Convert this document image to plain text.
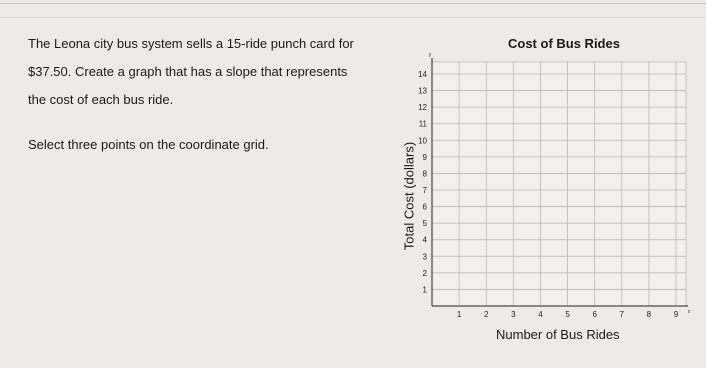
The Leona city bus system sells a 15-ride punch card for
$37.50. Create a graph that has a slope that represents
the cost of each bus ride.
Select three points on the coordinate grid.
Cost of Bus Rides
Total Cost (dollars)
Number of Bus Rides
y
x
1
2
3
4
5
6
7
8
9
10
11
12
13
14
1	2	3	4	5	6	7	8	9
